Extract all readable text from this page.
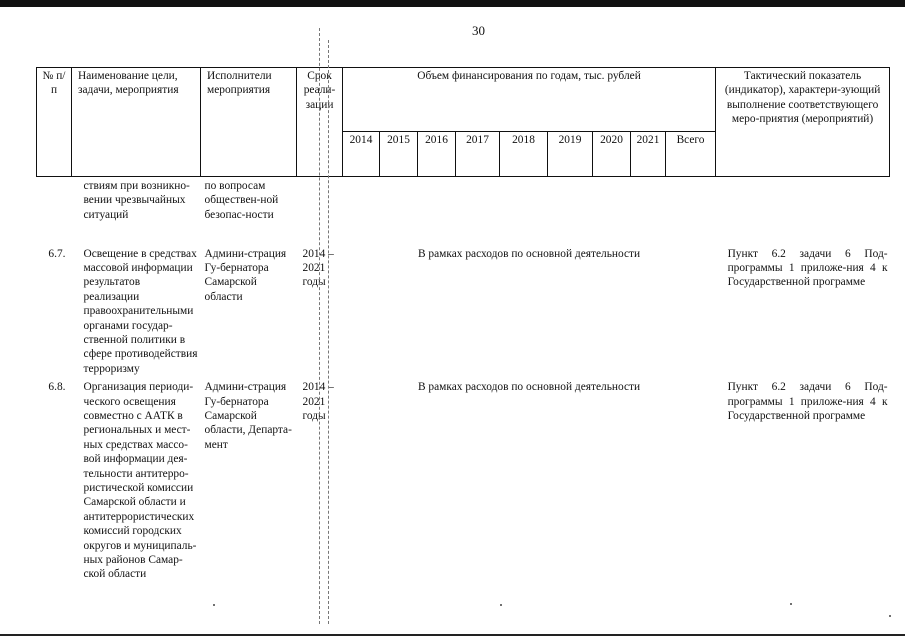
30
№ п/п	Наименование цели, задачи, мероприятия	Исполнители мероприятия	Срок реали-зации	Объем финансирования по годам, тыс. рублей									Тактический показатель (индикатор), характери-зующий выполнение соответствующего меро-приятия (мероприятий)
				2014	2015	2016	2017	2018	2019	2020	2021	Всего	
	ствиям при возникно-вении чрезвычайных ситуаций	по вопросам обществен-ной безопас-ности											
6.7.	Освещение в средствах массовой информации результатов реализации правоохранительными органами государ-ственной политики в сфере противодействия терроризму	Админи-страция Гу-бернатора Самарской области	2014 – 2021 годы	В рамках расходов по основной деятельности									Пункт 6.2 задачи 6 Под-программы 1 приложе-ния 4 к Государственной программе
6.8.	Организация периоди-ческого освещения совместно с ААТК в региональных и мест-ных средствах массо-вой информации дея-тельности антитерро-ристической комиссии Самарской области и антитеррористических комиссий городских округов и муниципаль-ных районов Самар-ской области	Админи-страция Гу-бернатора Самарской области, Департа-мент	2014 – 2021 годы	В рамках расходов по основной деятельности									Пункт 6.2 задачи 6 Под-программы 1 приложе-ния 4 к Государственной программе
